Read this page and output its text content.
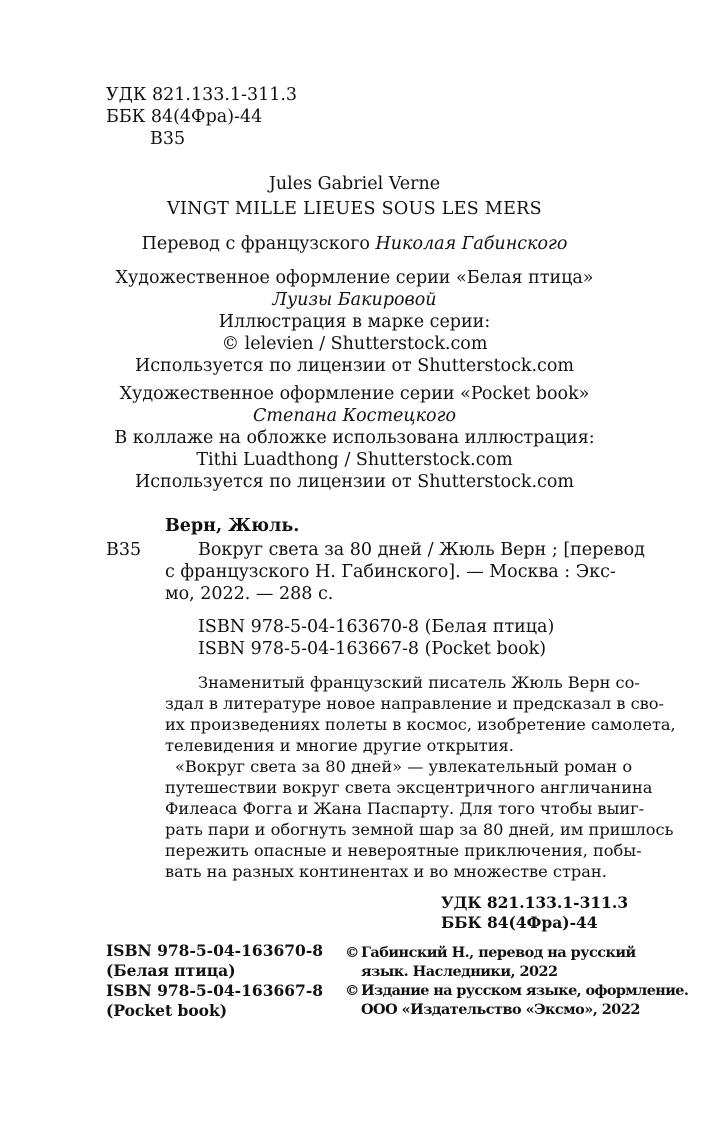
УДК 821.133.1-311.3
ББК 84(4Фра)-44
В35
Jules Gabriel Verne
VINGT MILLE LIEUES SOUS LES MERS
Перевод с французского Николая Габинского
Художественное оформление серии «Белая птица»
Луизы Бакировой
Иллюстрация в марке серии:
© lelevien / Shutterstock.com
Используется по лицензии от Shutterstock.com
Художественное оформление серии «Pocket book»
Степана Костецкого
В коллаже на обложке использована иллюстрация:
Tithi Luadthong / Shutterstock.com
Используется по лицензии от Shutterstock.com
Верн, Жюль.
В35	Вокруг света за 80 дней / Жюль Верн ; [перевод
с французского Н. Габинского]. — Москва : Экс-
мо, 2022. — 288 с.
ISBN 978-5-04-163670-8 (Белая птица)
ISBN 978-5-04-163667-8 (Pocket book)
Знаменитый французский писатель Жюль Верн со-
здал в литературе новое направление и предсказал в сво-
их произведениях полеты в космос, изобретение самолета,
телевидения и многие другие открытия.
«Вокруг света за 80 дней» — увлекательный роман о
путешествии вокруг света эксцентричного англичанина
Филеаса Фогга и Жана Паспарту. Для того чтобы выиг-
рать пари и обогнуть земной шар за 80 дней, им пришлось
пережить опасные и невероятные приключения, побы-
вать на разных континентах и во множестве стран.
УДК 821.133.1-311.3
ББК 84(4Фра)-44
ISBN 978-5-04-163670-8
(Белая птица)
ISBN 978-5-04-163667-8
(Pocket book)
© Габинский Н., перевод на русский
язык. Наследники, 2022
© Издание на русском языке, оформление.
ООО «Издательство «Эксмо», 2022
